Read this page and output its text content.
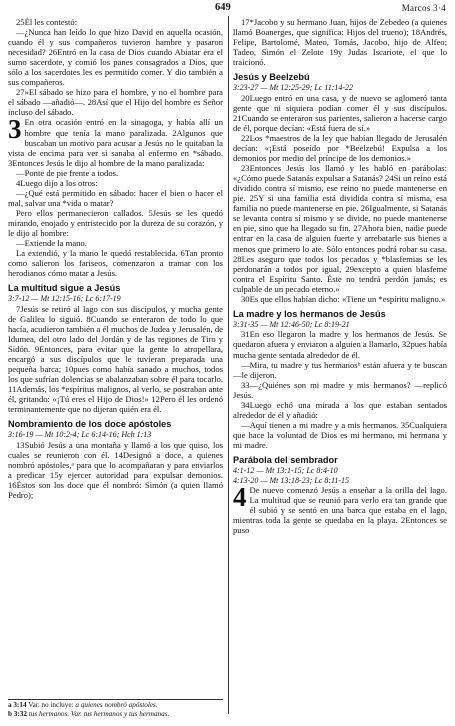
649	Marcos 3·4

25Él les contestó:

—¿Nunca han leído lo que hizo David en aquella ocasión, cuando él y sus compañeros tuvieron hambre y pasaron necesidad? 26Entró en la casa de Dios cuando Abiatar era el sumo sacerdote, y comió los panes consagrados a Dios, que sólo a los sacerdotes les es permitido comer. Y dio también a sus compañeros.

27»El sábado se hizo para el hombre, y no el hombre para el sábado —añadió—. 28Así que el Hijo del hombre es Señor incluso del sábado.

3 En otra ocasión entró en la sinagoga, y había allí un hombre que tenía la mano paralizada. 2Algunos que buscaban un motivo para acusar a Jesús no le quitaban la vista de encima para ver si sanaba al enfermo en *sábado. 3Entonces Jesús le dijo al hombre de la mano paralizada:

—Ponte de pie frente a todos.

4Luego dijo a los otros:

—¿Qué está permitido en sábado: hacer el bien o hacer el mal, salvar una *vida o matar?

Pero ellos permanecieron callados. 5Jesús se les quedó mirando, enojado y entristecido por la dureza de su corazón, y le dijo al hombre:

—Extiende la mano.

La extendió, y la mano le quedó restablecida. 6Tan pronto como salieron los fariseos, comenzaron a tramar con los herodianos cómo matar a Jesús.

La multitud sigue a Jesús

3:7-12 — Mt 12:15-16; Lc 6:17-19

7Jesús se retiró al lago con sus discípulos, y mucha gente de Galilea lo siguió. 8Cuando se enteraron de todo lo que hacía, acudieron también a él muchos de Judea y Jerusalén, de Idumea, del otro lado del Jordán y de las regiones de Tiro y Sidón. 9Entonces, para evitar que la gente lo atropellara, encargó a sus discípulos que le tuvieran preparada una pequeña barca; 10pues como había sanado a muchos, todos los que sufrían dolencias se abalanzaban sobre él para tocarlo. 11Además, los *espíritus malignos, al verlo, se postraban ante él, gritando: «¡Tú eres el Hijo de Dios!» 12Pero él les ordenó terminantemente que no dijeran quién era él.

Nombramiento de los doce apóstoles

3:16-19 — Mt 10:2-4; Lc 6:14-16; Hch 1:13

13Subió Jesús a una montaña y llamó a los que quiso, los cuales se reunieron con él. 14Designó a doce, a quienes nombró apóstoles,ᵃ para que lo acompañaran y para enviarlos a predicar 15y ejercer autoridad para expulsar demonios. 16Éstos son los doce que él nombró: Simón (a quien llamó Pedro);

17*Jacobo y su hermano Juan, hijos de Zebedeo (a quienes llamó Boanerges, que significa: Hijos del trueno); 18Andrés, Felipe, Bartolomé, Mateo, Tomás, Jacobo, hijo de Alfeo; Tadeo, Simón el Zelote 19y Judas Iscariote, el que lo traicionó.

Jesús y Beelzebú

3:23-27 — Mt 12:25-29; Lc 11:14-22

20Luego entró en una casa, y de nuevo se aglomeró tanta gente que ni siquiera podían comer él y sus discípulos. 21Cuando se enteraron sus parientes, salieron a hacerse cargo de él, porque decían: «Está fuera de sí.»

22Los *maestros de la ley que habían llegado de Jerusalén decían: «¡Está poseído por *Beelzebú! Expulsa a los demonios por medio del príncipe de los demonios.»

23Entonces Jesús los llamó y les habló en parábolas: «¿Cómo puede Satanás expulsar a Satanás? 24Si un reino está dividido contra sí mismo, ese reino no puede mantenerse en pie. 25Y si una familia está dividida contra sí misma, esa familia no puede mantenerse en pie. 26Igualmente, si Satanás se levanta contra sí mismo y se divide, no puede mantenerse en pie, sino que ha llegado su fin. 27Ahora bien, nadie puede entrar en la casa de alguien fuerte y arrebatarle sus bienes a menos que primero lo ate. Sólo entonces podrá robar su casa. 28Les aseguro que todos los pecados y *blasfemias se les perdonarán a todos por igual, 29excepto a quien blasfeme contra el Espíritu Santo. Éste no tendrá perdón jamás; es culpable de un pecado eterno.»

30Es que ellos habían dicho: «Tiene un *espíritu maligno.»

La madre y los hermanos de Jesús

3:31-35 — Mt 12:46-50; Lc 8:19-21

31En eso llegaron la madre y los hermanos de Jesús. Se quedaron afuera y enviaron a alguien a llamarlo, 32pues había mucha gente sentada alrededor de él.

—Mira, tu madre y tus hermanosᵇ están afuera y te buscan —le dijeron.

33—¿Quiénes son mi madre y mis hermanos? —replicó Jesús.

34Luego echó una mirada a los que estaban sentados alrededor de él y añadió:

—Aquí tienen a mi madre y a mis hermanos. 35Cualquiera que hace la voluntad de Dios es mi hermano, mi hermana y mi madre.

Parábola del sembrador

4:1-12 — Mt 13:1-15; Lc 8:4-10

4:13-20 — Mt 13:18-23; Lc 8:11-15

4 De nuevo comenzó Jesús a enseñar a la orilla del lago. La multitud que se reunió para verlo era tan grande que él subió y se sentó en una barca que estaba en el lago, mientras toda la gente se quedaba en la playa. 2Entonces se puso

a 3:14 Var. no incluye: a quienes nombró apóstoles.
b 3:32 tus hermanos. Var. tus hermanos y tus hermanas.
